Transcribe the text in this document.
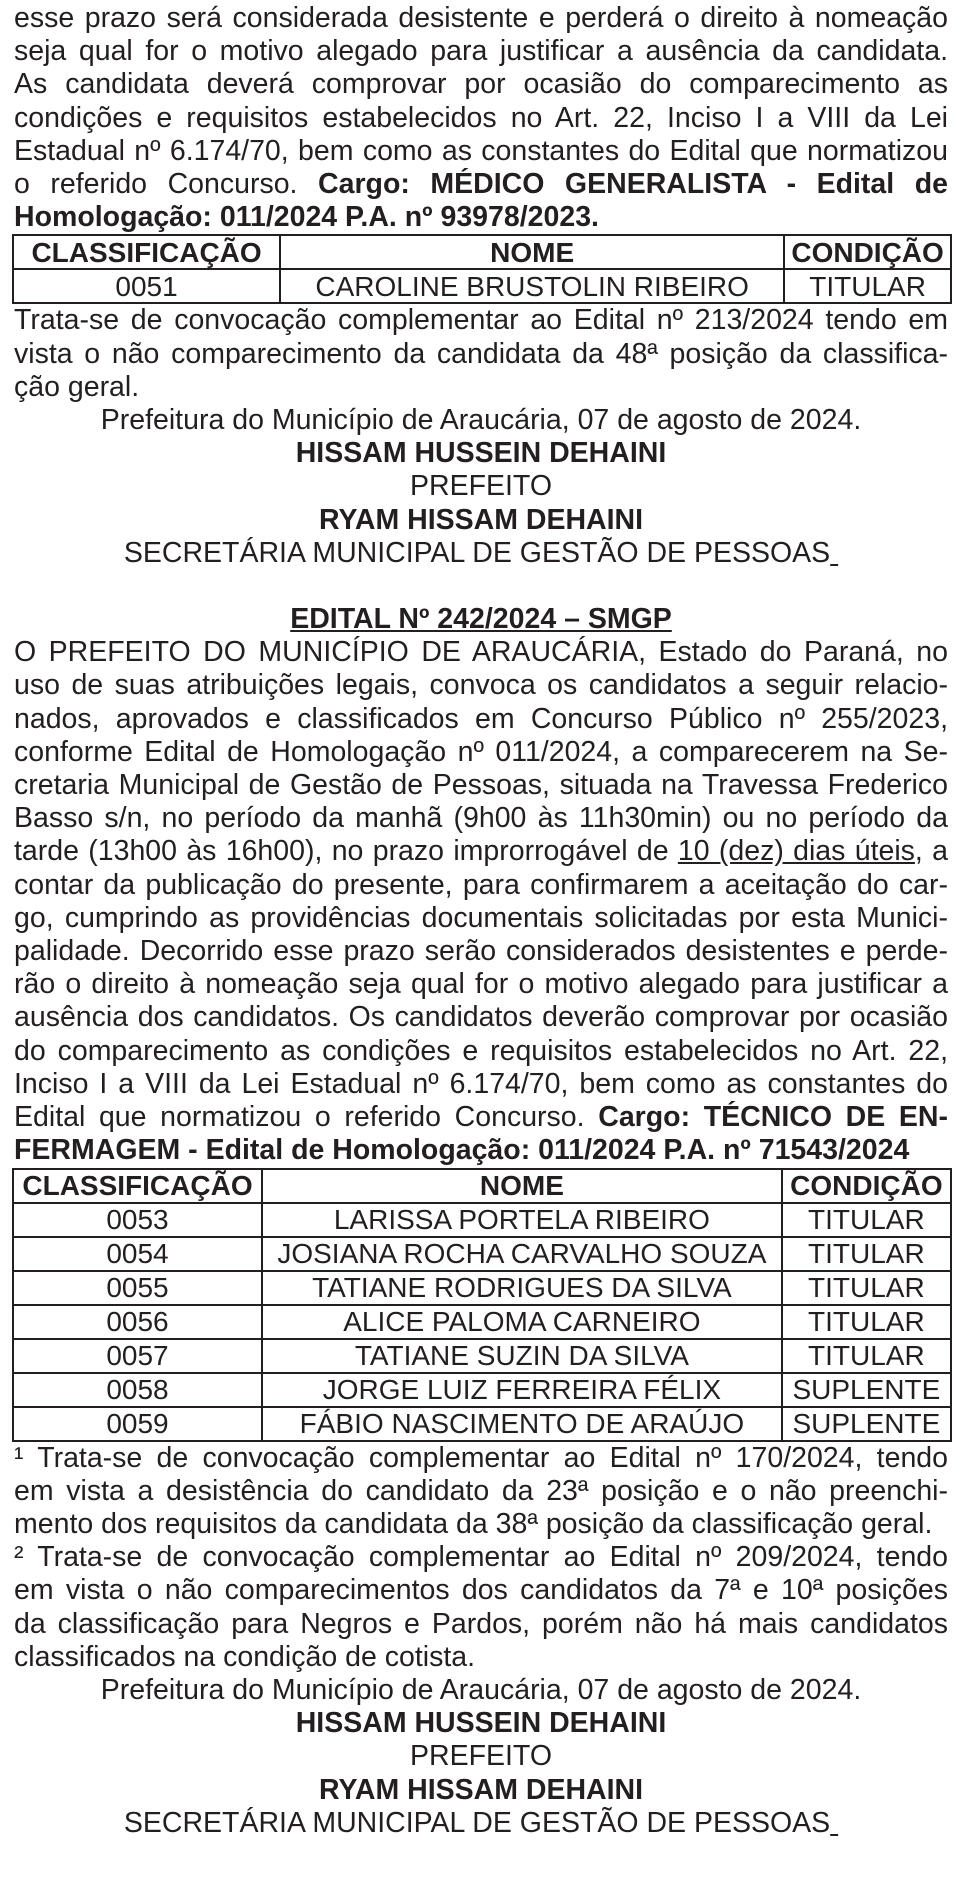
esse prazo será considerada desistente e perderá o direito à nomeação
seja qual for o motivo alegado para justificar a ausência da candidata.
As candidata deverá comprovar por ocasião do comparecimento as
condições e requisitos estabelecidos no Art. 22, Inciso I a VIII da Lei
Estadual nº 6.174/70, bem como as constantes do Edital que normatizou
o referido Concurso. Cargo: MÉDICO GENERALISTA - Edital de
Homologação: 011/2024 P.A. nº 93978/2023.
CLASSIFICAÇÃO	NOME	CONDIÇÃO
0051	CAROLINE BRUSTOLIN RIBEIRO	TITULAR
Trata-se de convocação complementar ao Edital nº 213/2024 tendo em
vista o não comparecimento da candidata da 48ª posição da classifica-
ção geral.
Prefeitura do Município de Araucária, 07 de agosto de 2024.
HISSAM HUSSEIN DEHAINI
PREFEITO
RYAM HISSAM DEHAINI
SECRETÁRIA MUNICIPAL DE GESTÃO DE PESSOAS
EDITAL Nº 242/2024 – SMGP
O PREFEITO DO MUNICÍPIO DE ARAUCÁRIA, Estado do Paraná, no
uso de suas atribuições legais, convoca os candidatos a seguir relacio-
nados, aprovados e classificados em Concurso Público nº 255/2023,
conforme Edital de Homologação nº 011/2024, a comparecerem na Se-
cretaria Municipal de Gestão de Pessoas, situada na Travessa Frederico
Basso s/n, no período da manhã (9h00 às 11h30min) ou no período da
tarde (13h00 às 16h00), no prazo improrrogável de 10 (dez) dias úteis, a
contar da publicação do presente, para confirmarem a aceitação do car-
go, cumprindo as providências documentais solicitadas por esta Munici-
palidade. Decorrido esse prazo serão considerados desistentes e perde-
rão o direito à nomeação seja qual for o motivo alegado para justificar a
ausência dos candidatos. Os candidatos deverão comprovar por ocasião
do comparecimento as condições e requisitos estabelecidos no Art. 22,
Inciso I a VIII da Lei Estadual nº 6.174/70, bem como as constantes do
Edital que normatizou o referido Concurso. Cargo: TÉCNICO DE EN-
FERMAGEM - Edital de Homologação: 011/2024 P.A. nº 71543/2024
CLASSIFICAÇÃO	NOME	CONDIÇÃO
0053	LARISSA PORTELA RIBEIRO	TITULAR
0054	JOSIANA ROCHA CARVALHO SOUZA	TITULAR
0055	TATIANE RODRIGUES DA SILVA	TITULAR
0056	ALICE PALOMA CARNEIRO	TITULAR
0057	TATIANE SUZIN DA SILVA	TITULAR
0058	JORGE LUIZ FERREIRA FÉLIX	SUPLENTE
0059	FÁBIO NASCIMENTO DE ARAÚJO	SUPLENTE
¹ Trata-se de convocação complementar ao Edital nº 170/2024, tendo
em vista a desistência do candidato da 23ª posição e o não preenchi-
mento dos requisitos da candidata da 38ª posição da classificação geral.
² Trata-se de convocação complementar ao Edital nº 209/2024, tendo
em vista o não comparecimentos dos candidatos da 7ª e 10ª posições
da classificação para Negros e Pardos, porém não há mais candidatos
classificados na condição de cotista.
Prefeitura do Município de Araucária, 07 de agosto de 2024.
HISSAM HUSSEIN DEHAINI
PREFEITO
RYAM HISSAM DEHAINI
SECRETÁRIA MUNICIPAL DE GESTÃO DE PESSOAS
